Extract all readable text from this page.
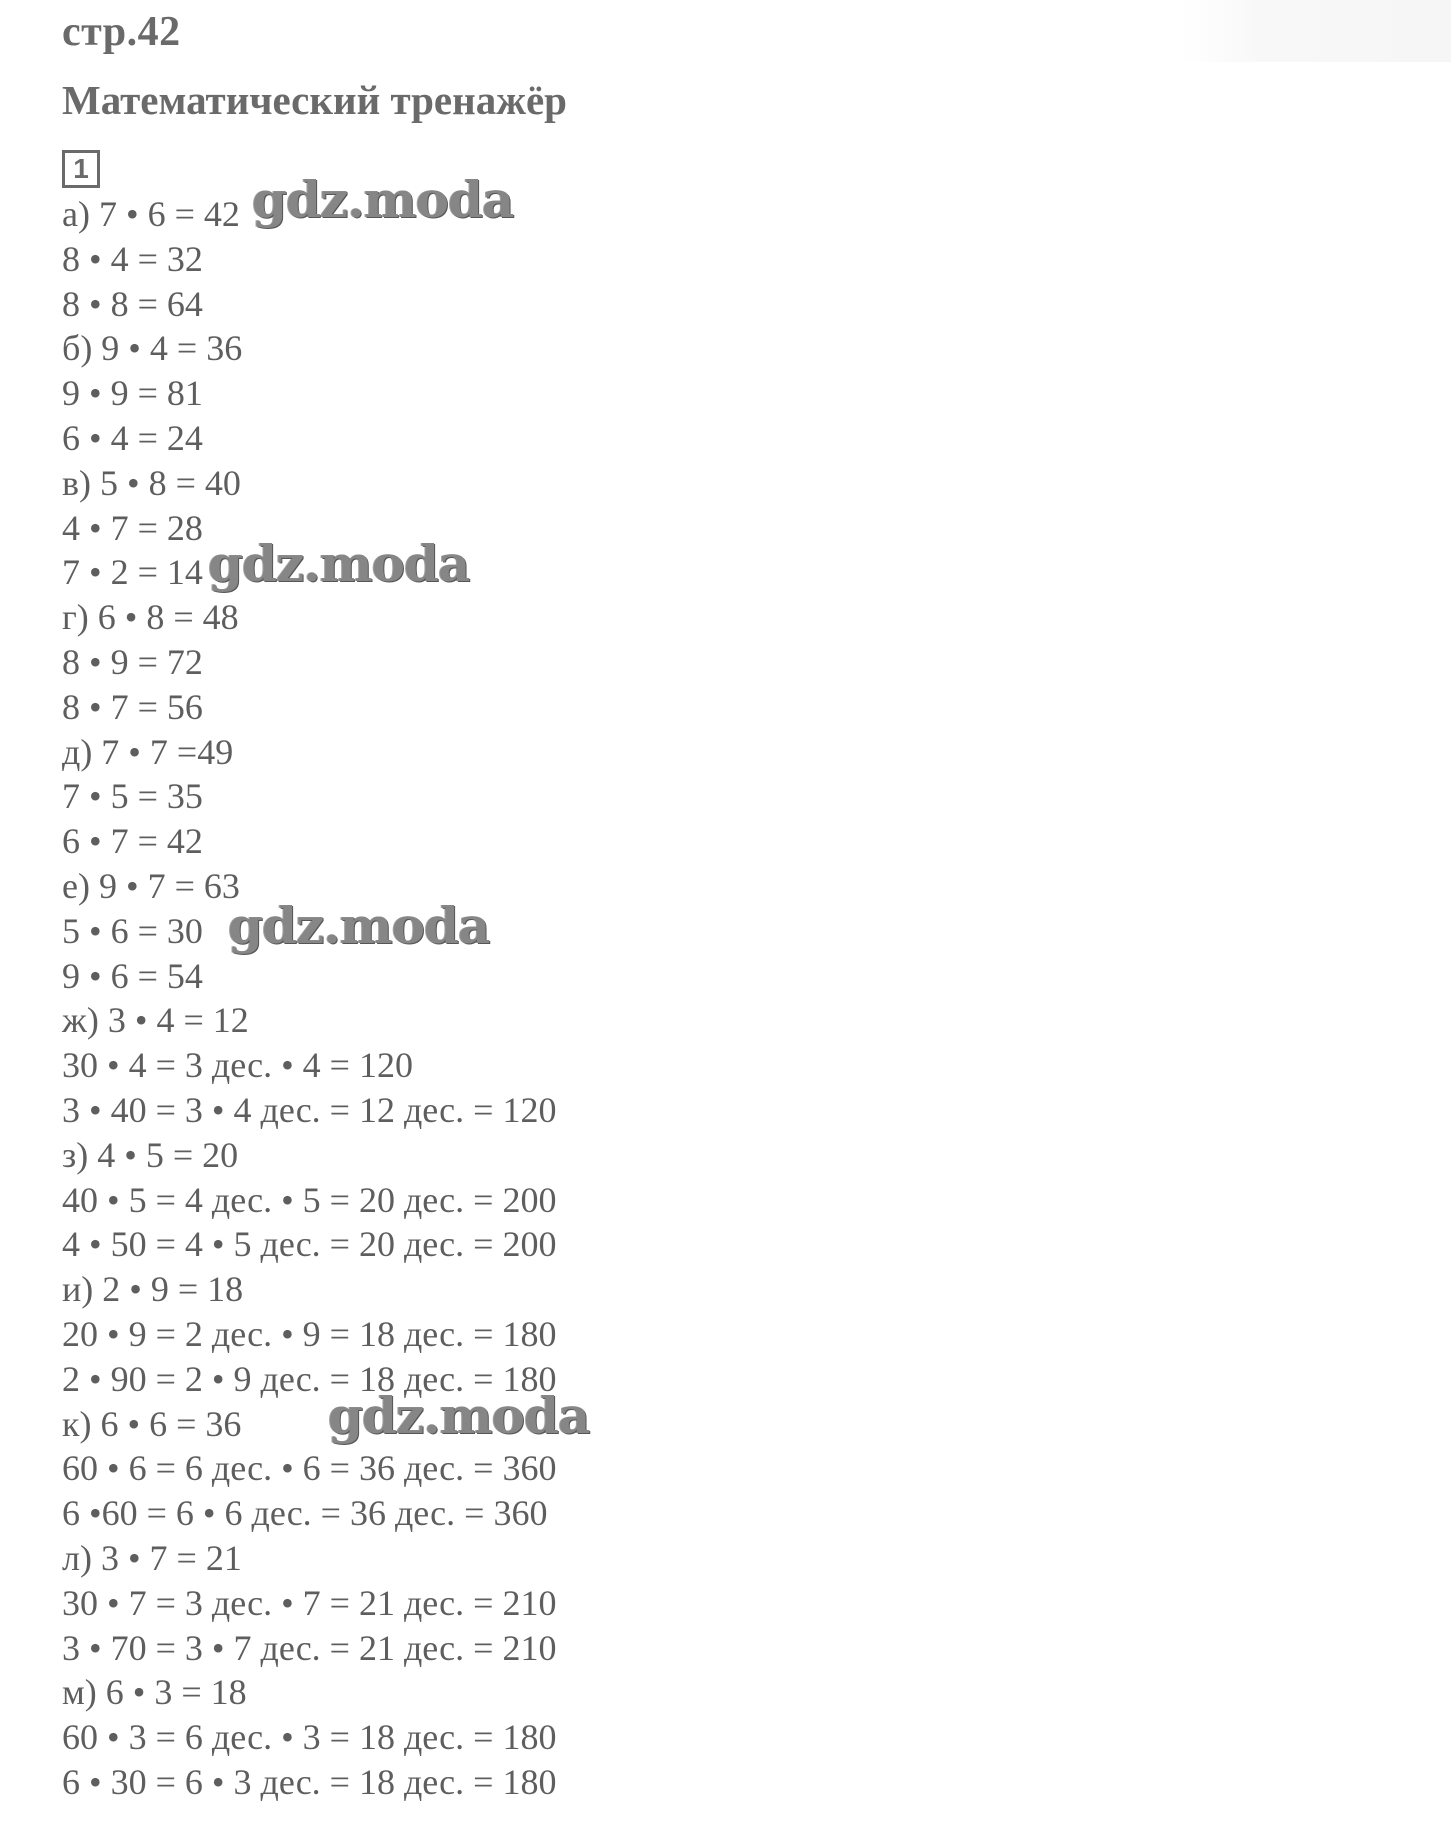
стр.42
Математический тренажёр
1
а) 7 • 6 = 42
8 • 4 = 32
8 • 8 = 64
б) 9 • 4 = 36
9 • 9 = 81
6 • 4 = 24
в) 5 • 8 = 40
4 • 7 = 28
7 • 2 = 14
г) 6 • 8 = 48
8 • 9 = 72
8 • 7 = 56
д) 7 • 7 =49
7 • 5 = 35
6 • 7 = 42
е) 9 • 7 = 63
5 • 6 = 30
9 • 6 = 54
ж) 3 • 4 = 12
30 • 4 = 3 дес. • 4 = 120
3 • 40 = 3 • 4 дес. = 12 дес. = 120
з) 4 • 5 = 20
40 • 5 = 4 дес. • 5 = 20 дес. = 200
4 • 50 = 4 • 5 дес. = 20 дес. = 200
и) 2 • 9 = 18
20 • 9 = 2 дес. • 9 = 18 дес. = 180
2 • 90 = 2 • 9 дес. = 18 дес. = 180
к) 6 • 6 = 36
60 • 6 = 6 дес. • 6 = 36 дес. = 360
6 •60 = 6 • 6 дес. = 36 дес. = 360
л) 3 • 7 = 21
30 • 7 = 3 дес. • 7 = 21 дес. = 210
3 • 70 = 3 • 7 дес. = 21 дес. = 210
м) 6 • 3 = 18
60 • 3 = 6 дес. • 3 = 18 дес. = 180
6 • 30 = 6 • 3 дес. = 18 дес. = 180
gdz.moda
gdz.moda
gdz.moda
gdz.moda
